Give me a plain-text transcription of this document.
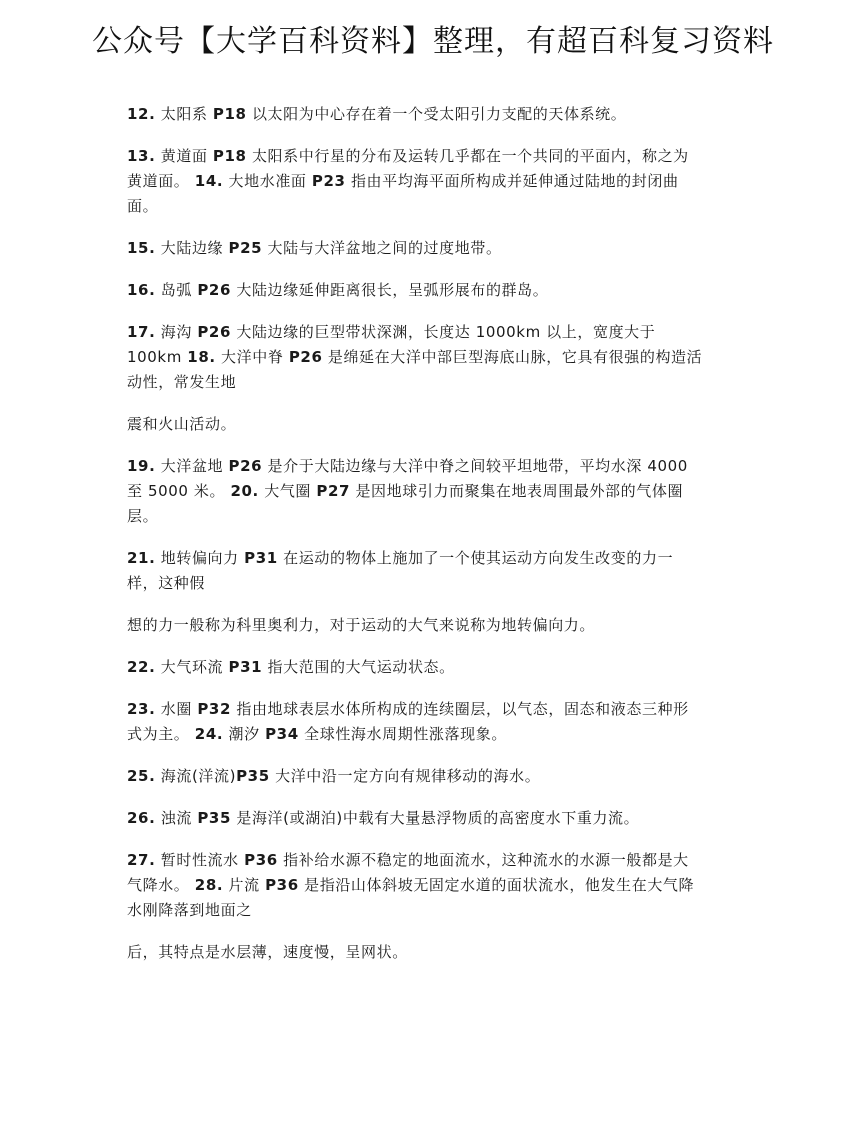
公众号【大学百科资料】整理，有超百科复习资料

12. 太阳系 P18 以太阳为中心存在着一个受太阳引力支配的天体系统。

13. 黄道面 P18 太阳系中行星的分布及运转几乎都在一个共同的平面内，称之为
黄道面。 14. 大地水准面 P23 指由平均海平面所构成并延伸通过陆地的封闭曲
面。

15. 大陆边缘 P25 大陆与大洋盆地之间的过度地带。

16. 岛弧 P26 大陆边缘延伸距离很长，呈弧形展布的群岛。

17. 海沟 P26 大陆边缘的巨型带状深渊，长度达 1000km 以上，宽度大于
100km 18. 大洋中脊 P26 是绵延在大洋中部巨型海底山脉，它具有很强的构造活
动性，常发生地

震和火山活动。

19. 大洋盆地 P26 是介于大陆边缘与大洋中脊之间较平坦地带，平均水深 4000
至 5000 米。 20. 大气圈 P27 是因地球引力而聚集在地表周围最外部的气体圈
层。

21. 地转偏向力 P31 在运动的物体上施加了一个使其运动方向发生改变的力一
样，这种假

想的力一般称为科里奥利力，对于运动的大气来说称为地转偏向力。

22. 大气环流 P31 指大范围的大气运动状态。

23. 水圈 P32 指由地球表层水体所构成的连续圈层，以气态，固态和液态三种形
式为主。 24. 潮汐 P34 全球性海水周期性涨落现象。

25. 海流(洋流)P35 大洋中沿一定方向有规律移动的海水。

26. 浊流 P35 是海洋(或湖泊)中载有大量悬浮物质的高密度水下重力流。

27. 暂时性流水 P36 指补给水源不稳定的地面流水，这种流水的水源一般都是大
气降水。 28. 片流 P36 是指沿山体斜坡无固定水道的面状流水，他发生在大气降
水刚降落到地面之

后，其特点是水层薄，速度慢，呈网状。
